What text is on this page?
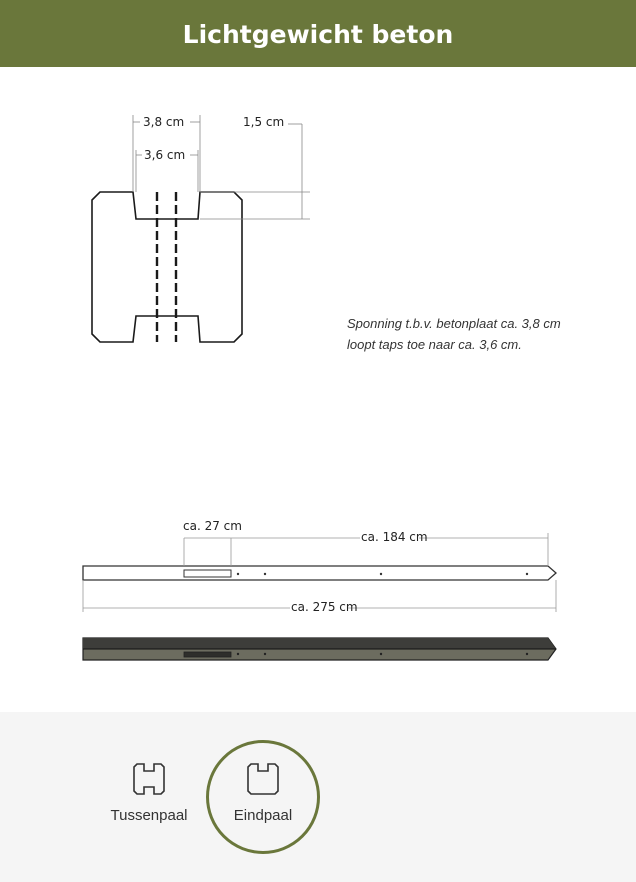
Lichtgewicht beton
3,8 cm
3,6 cm
1,5 cm
ca. 27 cm
ca. 184 cm
ca. 275 cm
Sponning t.b.v. betonplaat ca. 3,8 cm loopt taps toe naar ca. 3,6 cm.
Tussenpaal	Eindpaal
